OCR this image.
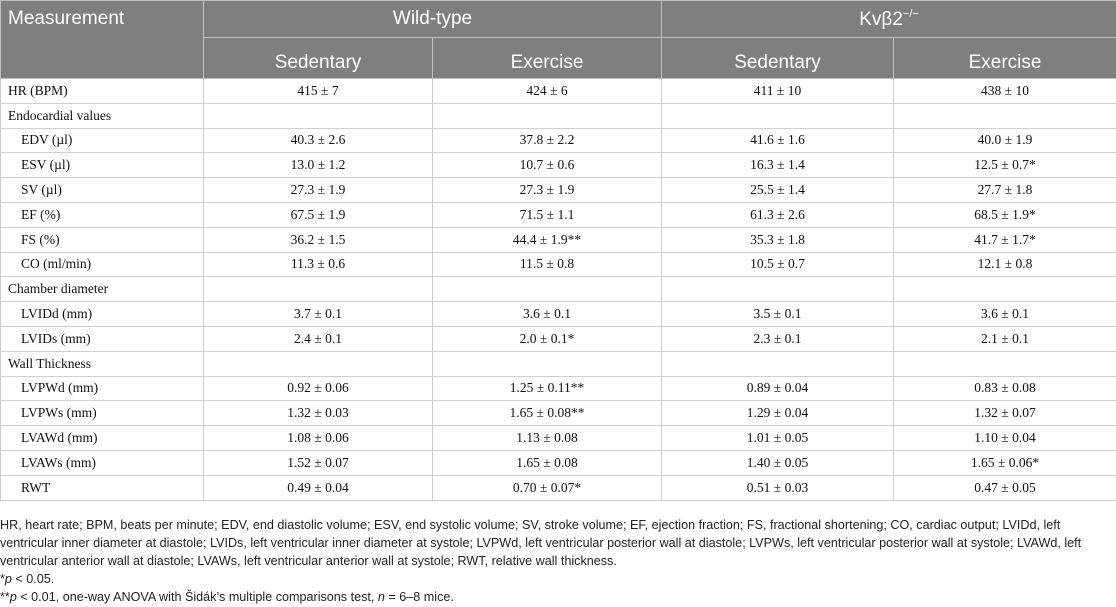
Measurement	Wild-type		Kvβ2−/−
	Sedentary	Exercise	Sedentary	Exercise
HR (BPM)	415 ± 7	424 ± 6	411 ± 10	438 ± 10
Endocardial values				
EDV (µl)	40.3 ± 2.6	37.8 ± 2.2	41.6 ± 1.6	40.0 ± 1.9
ESV (µl)	13.0 ± 1.2	10.7 ± 0.6	16.3 ± 1.4	12.5 ± 0.7*
SV (µl)	27.3 ± 1.9	27.3 ± 1.9	25.5 ± 1.4	27.7 ± 1.8
EF (%)	67.5 ± 1.9	71.5 ± 1.1	61.3 ± 2.6	68.5 ± 1.9*
FS (%)	36.2 ± 1.5	44.4 ± 1.9**	35.3 ± 1.8	41.7 ± 1.7*
CO (ml/min)	11.3 ± 0.6	11.5 ± 0.8	10.5 ± 0.7	12.1 ± 0.8
Chamber diameter				
LVIDd (mm)	3.7 ± 0.1	3.6 ± 0.1	3.5 ± 0.1	3.6 ± 0.1
LVIDs (mm)	2.4 ± 0.1	2.0 ± 0.1*	2.3 ± 0.1	2.1 ± 0.1
Wall Thickness				
LVPWd (mm)	0.92 ± 0.06	1.25 ± 0.11**	0.89 ± 0.04	0.83 ± 0.08
LVPWs (mm)	1.32 ± 0.03	1.65 ± 0.08**	1.29 ± 0.04	1.32 ± 0.07
LVAWd (mm)	1.08 ± 0.06	1.13 ± 0.08	1.01 ± 0.05	1.10 ± 0.04
LVAWs (mm)	1.52 ± 0.07	1.65 ± 0.08	1.40 ± 0.05	1.65 ± 0.06*
RWT	0.49 ± 0.04	0.70 ± 0.07*	0.51 ± 0.03	0.47 ± 0.05

HR, heart rate; BPM, beats per minute; EDV, end diastolic volume; ESV, end systolic volume; SV, stroke volume; EF, ejection fraction; FS, fractional shortening; CO, cardiac output; LVIDd, left ventricular inner diameter at diastole; LVIDs, left ventricular inner diameter at systole; LVPWd, left ventricular posterior wall at diastole; LVPWs, left ventricular posterior wall at systole; LVAWd, left ventricular anterior wall at diastole; LVAWs, left ventricular anterior wall at systole; RWT, relative wall thickness.

*p < 0.05.

**p < 0.01, one-way ANOVA with Šidák’s multiple comparisons test, n = 6–8 mice.
